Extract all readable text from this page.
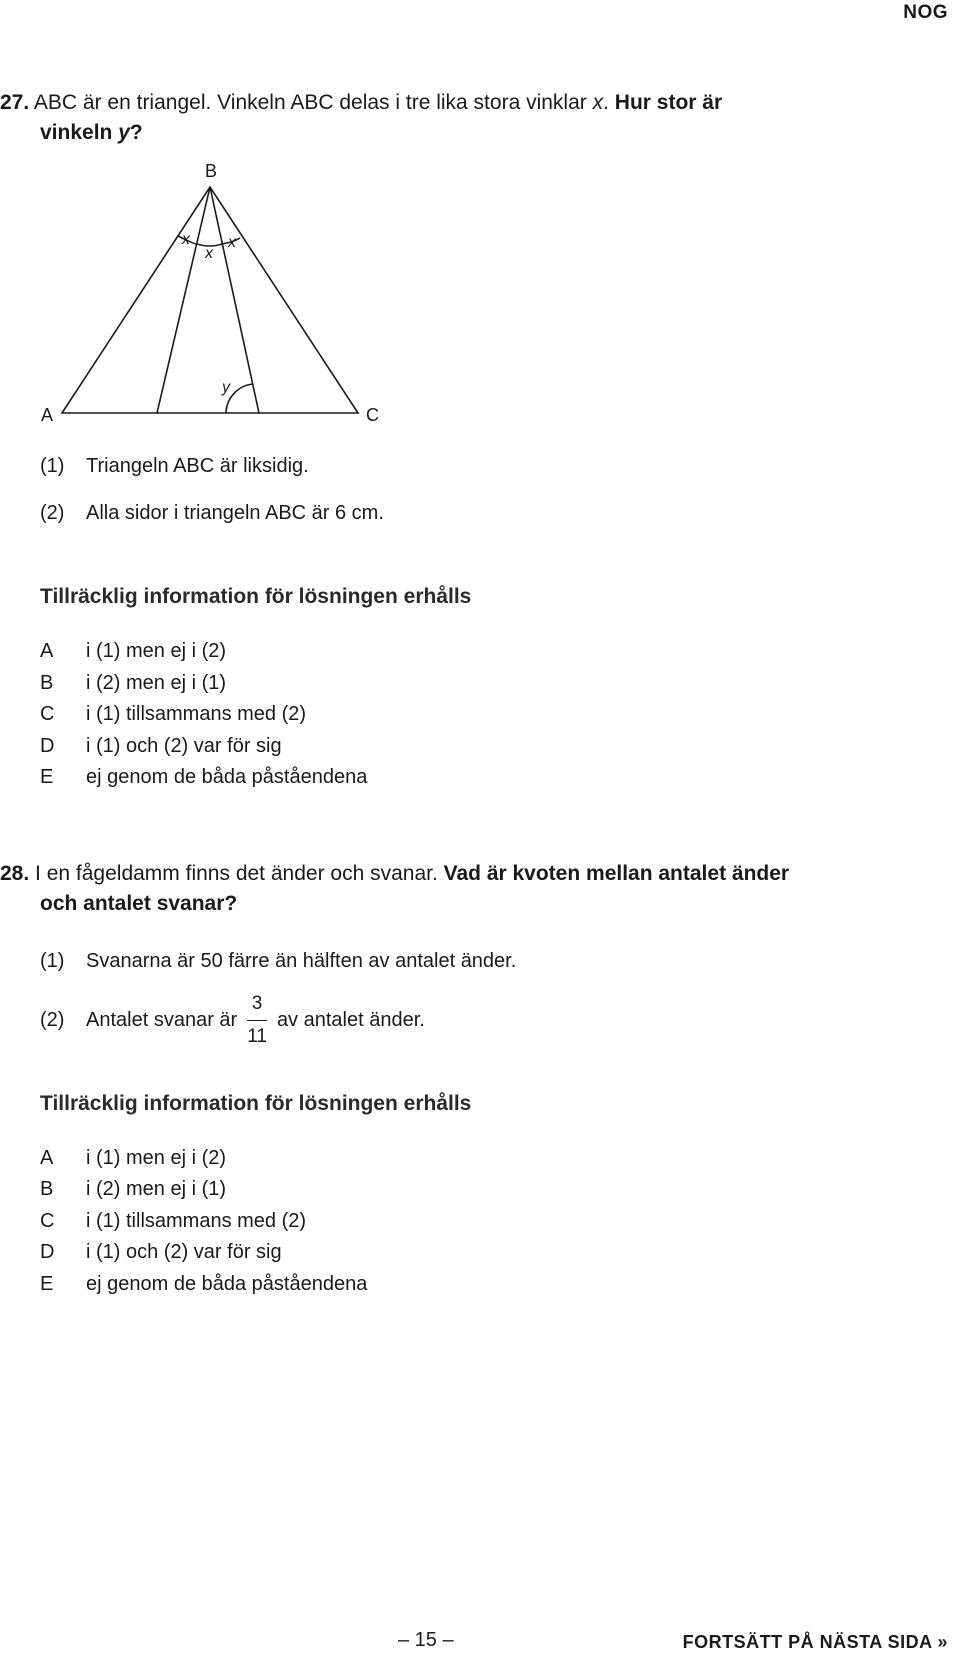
NOG
27. ABC är en triangel. Vinkeln ABC delas i tre lika stora vinklar x. Hur stor är
vinkeln y?
B
A	C
x
x
x
y
(1) Triangeln ABC är liksidig.
(2) Alla sidor i triangeln ABC är 6 cm.
Tillräcklig information för lösningen erhålls
A i (1) men ej i (2)
B i (2) men ej i (1)
C i (1) tillsammans med (2)
D i (1) och (2) var för sig
E ej genom de båda påståendena
28. I en fågeldamm finns det änder och svanar. Vad är kvoten mellan antalet änder
och antalet svanar?
(1) Svanarna är 50 färre än hälften av antalet änder.
(2) Antalet svanar är $\frac{3}{11}$ av antalet änder.
Tillräcklig information för lösningen erhålls
A i (1) men ej i (2)
B i (2) men ej i (1)
C i (1) tillsammans med (2)
D i (1) och (2) var för sig
E ej genom de båda påståendena
– 15 –	FORTSÄTT PÅ NÄSTA SIDA »
